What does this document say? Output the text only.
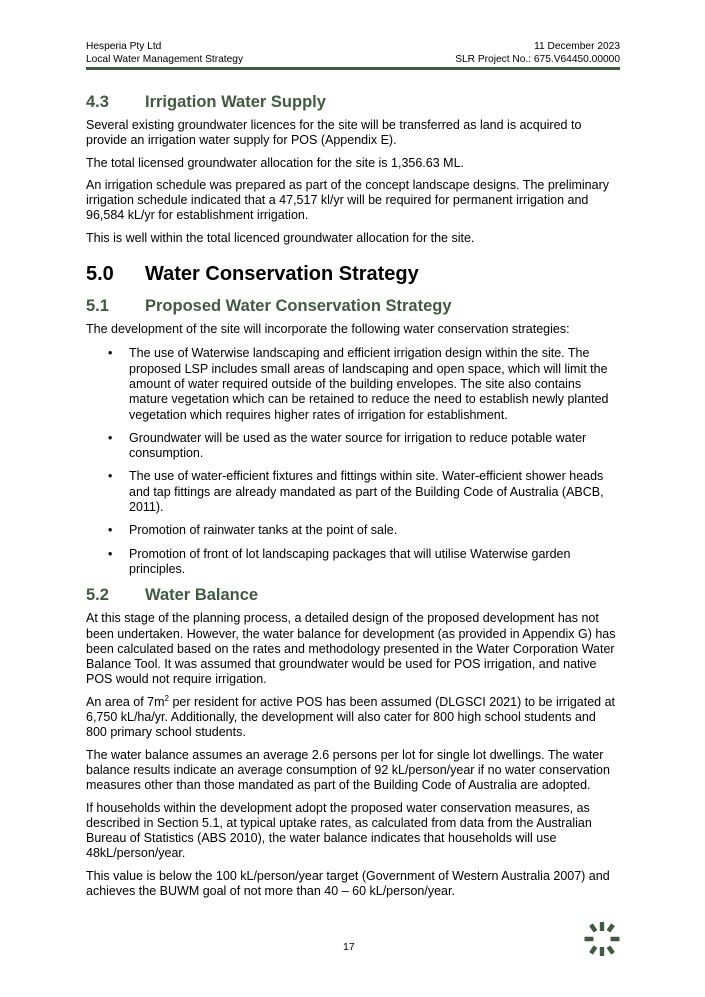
Hesperia Pty Ltd
Local Water Management Strategy
11 December 2023
SLR Project No.: 675.V64450.00000
4.3	Irrigation Water Supply

Several existing groundwater licences for the site will be transferred as land is acquired to provide an irrigation water supply for POS (Appendix E).

The total licensed groundwater allocation for the site is 1,356.63 ML.

An irrigation schedule was prepared as part of the concept landscape designs. The preliminary irrigation schedule indicated that a 47,517 kl/yr will be required for permanent irrigation and 96,584 kL/yr for establishment irrigation.

This is well within the total licenced groundwater allocation for the site.

5.0	Water Conservation Strategy
5.1	Proposed Water Conservation Strategy

The development of the site will incorporate the following water conservation strategies:

• The use of Waterwise landscaping and efficient irrigation design within the site. The proposed LSP includes small areas of landscaping and open space, which will limit the amount of water required outside of the building envelopes. The site also contains mature vegetation which can be retained to reduce the need to establish newly planted vegetation which requires higher rates of irrigation for establishment.
• Groundwater will be used as the water source for irrigation to reduce potable water consumption.
• The use of water-efficient fixtures and fittings within site. Water-efficient shower heads and tap fittings are already mandated as part of the Building Code of Australia (ABCB, 2011).
• Promotion of rainwater tanks at the point of sale.
• Promotion of front of lot landscaping packages that will utilise Waterwise garden principles.
5.2	Water Balance

At this stage of the planning process, a detailed design of the proposed development has not been undertaken. However, the water balance for development (as provided in Appendix G) has been calculated based on the rates and methodology presented in the Water Corporation Water Balance Tool. It was assumed that groundwater would be used for POS irrigation, and native POS would not require irrigation.

An area of $7m^2$ per resident for active POS has been assumed (DLGSCI 2021) to be irrigated at 6,750 kL/ha/yr. Additionally, the development will also cater for 800 high school students and 800 primary school students.

The water balance assumes an average 2.6 persons per lot for single lot dwellings. The water balance results indicate an average consumption of 92 kL/person/year if no water conservation measures other than those mandated as part of the Building Code of Australia are adopted.

If households within the development adopt the proposed water conservation measures, as described in Section 5.1, at typical uptake rates, as calculated from data from the Australian Bureau of Statistics (ABS 2010), the water balance indicates that households will use 48kL/person/year.

This value is below the 100 kL/person/year target (Government of Western Australia 2007) and achieves the BUWM goal of not more than 40 – 60 kL/person/year.

17
